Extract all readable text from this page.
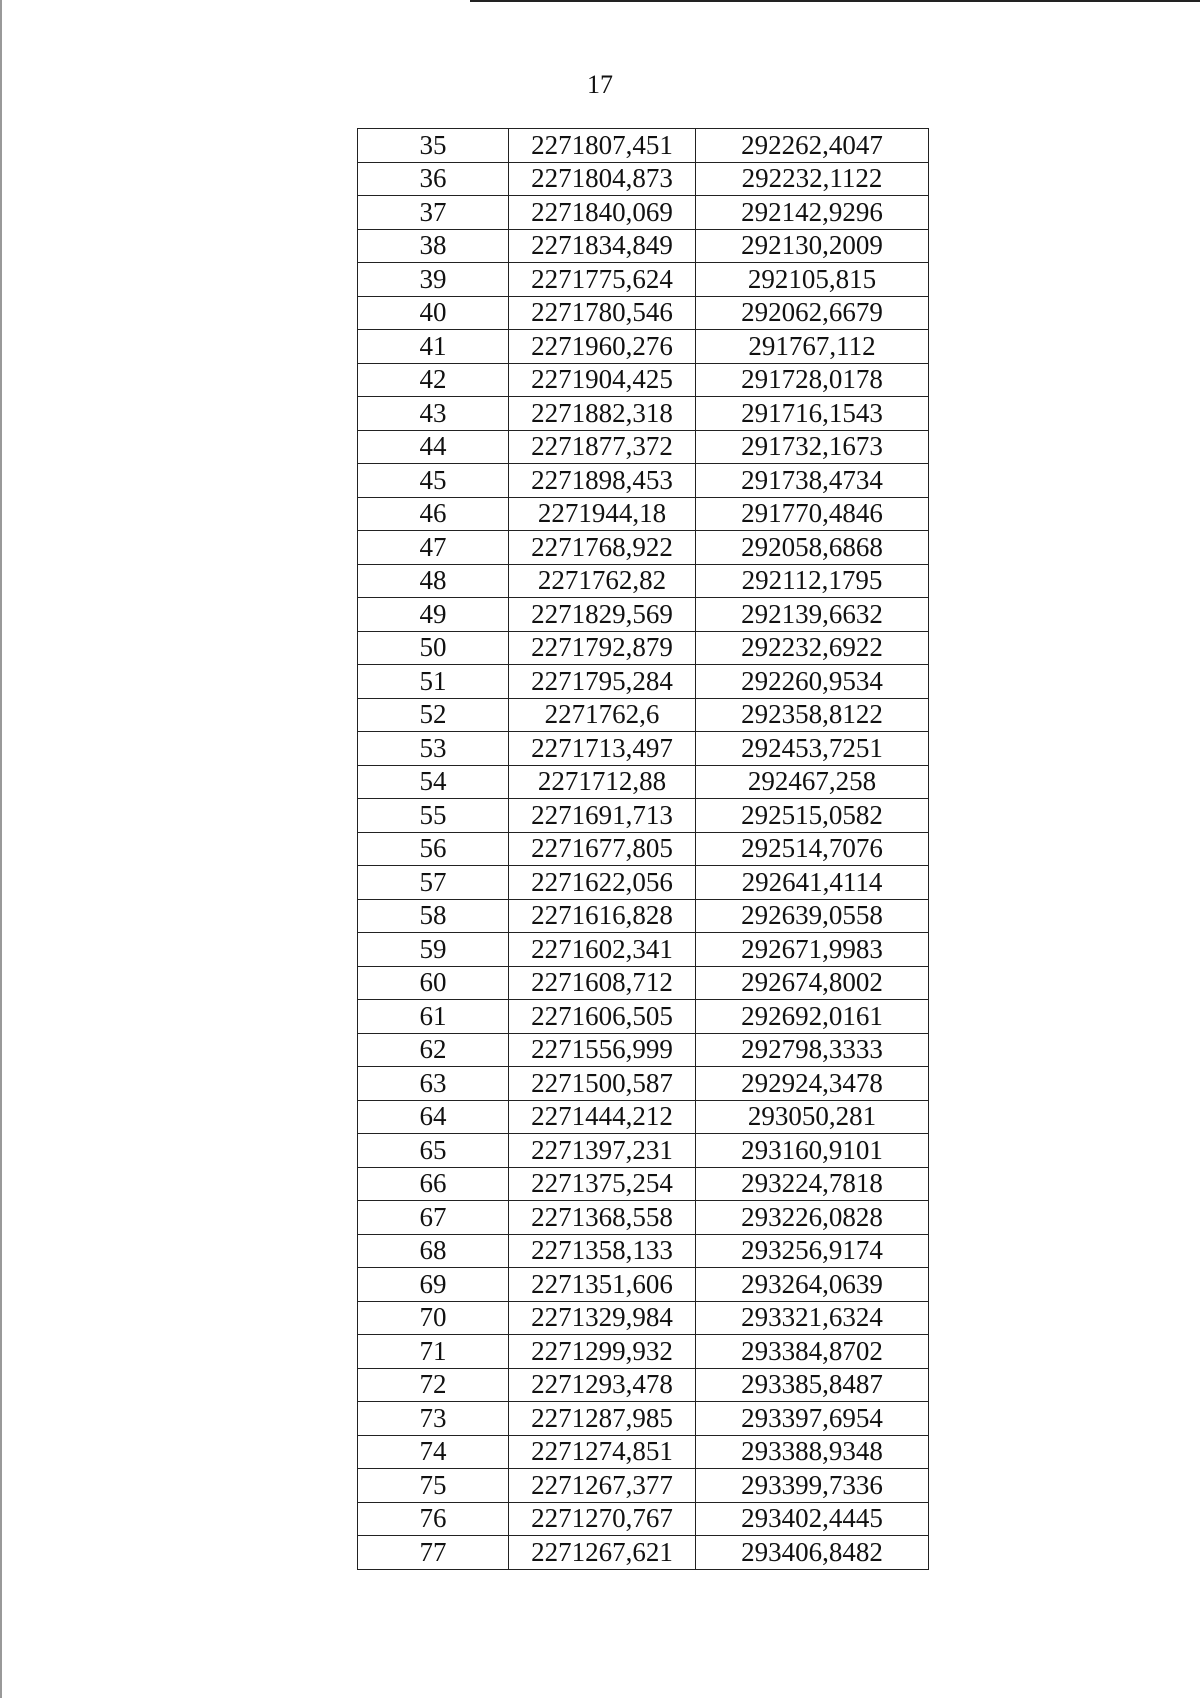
17
35	2271807,451	292262,4047
36	2271804,873	292232,1122
37	2271840,069	292142,9296
38	2271834,849	292130,2009
39	2271775,624	292105,815
40	2271780,546	292062,6679
41	2271960,276	291767,112
42	2271904,425	291728,0178
43	2271882,318	291716,1543
44	2271877,372	291732,1673
45	2271898,453	291738,4734
46	2271944,18	291770,4846
47	2271768,922	292058,6868
48	2271762,82	292112,1795
49	2271829,569	292139,6632
50	2271792,879	292232,6922
51	2271795,284	292260,9534
52	2271762,6	292358,8122
53	2271713,497	292453,7251
54	2271712,88	292467,258
55	2271691,713	292515,0582
56	2271677,805	292514,7076
57	2271622,056	292641,4114
58	2271616,828	292639,0558
59	2271602,341	292671,9983
60	2271608,712	292674,8002
61	2271606,505	292692,0161
62	2271556,999	292798,3333
63	2271500,587	292924,3478
64	2271444,212	293050,281
65	2271397,231	293160,9101
66	2271375,254	293224,7818
67	2271368,558	293226,0828
68	2271358,133	293256,9174
69	2271351,606	293264,0639
70	2271329,984	293321,6324
71	2271299,932	293384,8702
72	2271293,478	293385,8487
73	2271287,985	293397,6954
74	2271274,851	293388,9348
75	2271267,377	293399,7336
76	2271270,767	293402,4445
77	2271267,621	293406,8482
